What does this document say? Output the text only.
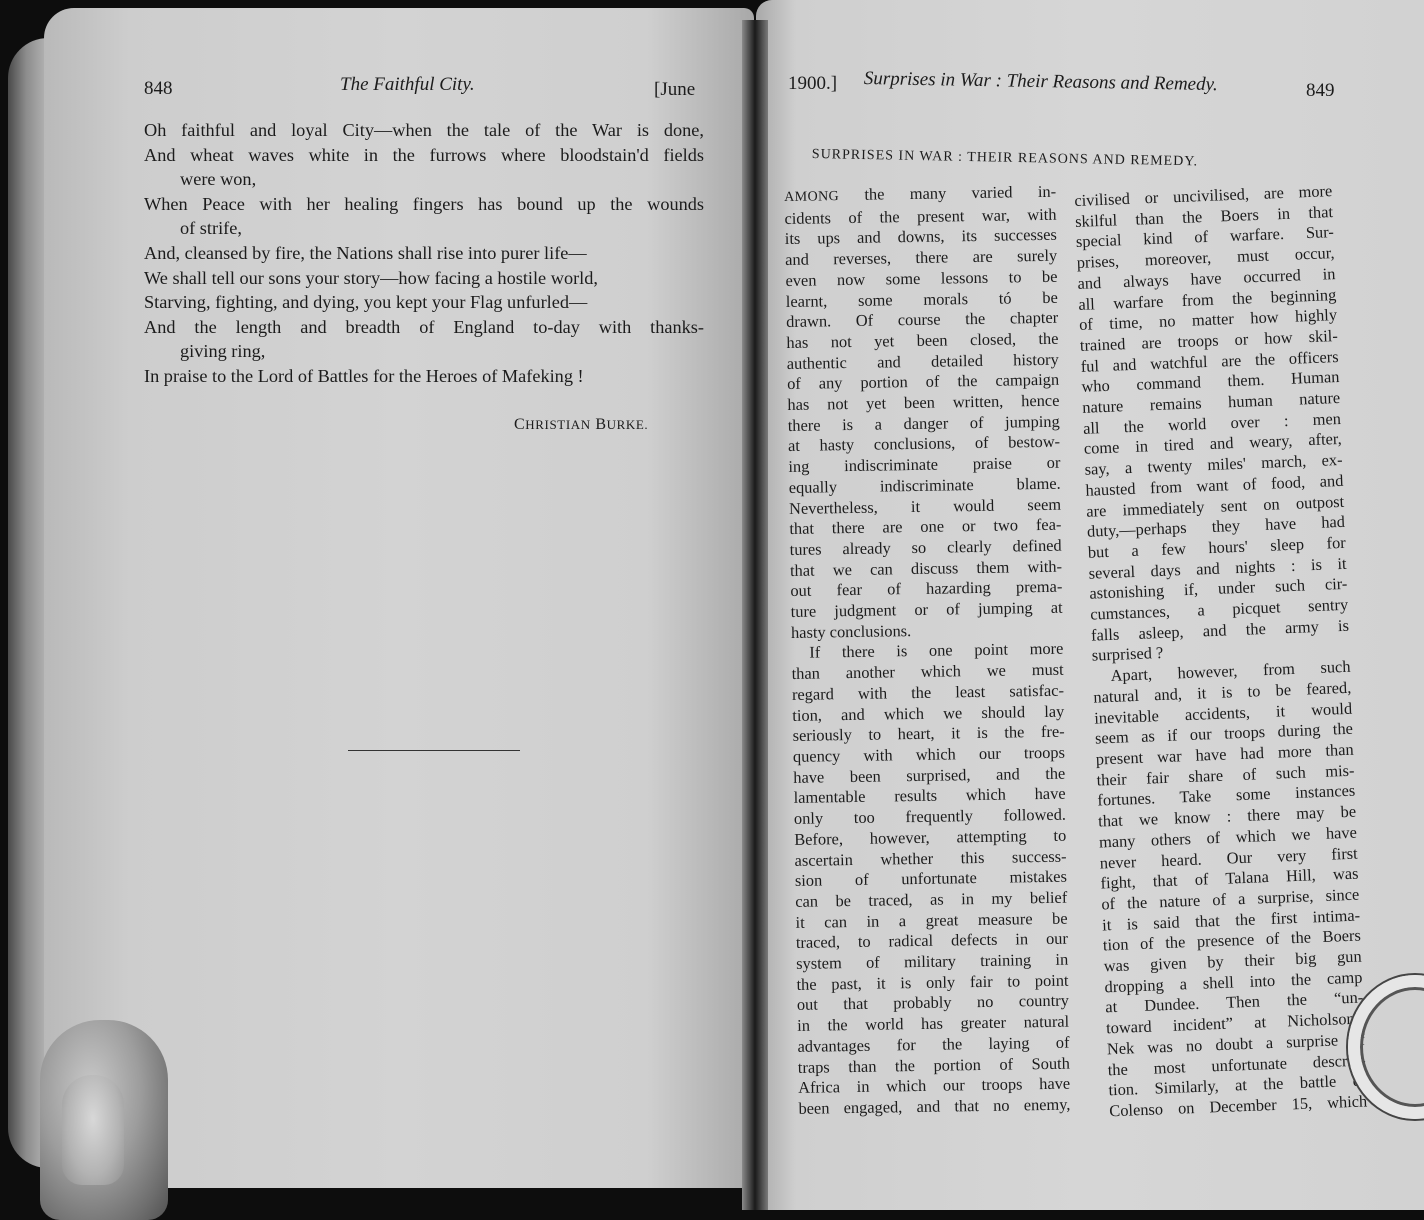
848	The Faithful City.	[June
Oh faithful and loyal City—when the tale of the War is done,
And wheat waves white in the furrows where bloodstain'd fields
were won,
When Peace with her healing fingers has bound up the wounds
of strife,
And, cleansed by fire, the Nations shall rise into purer life—
We shall tell our sons your story—how facing a hostile world,
Starving, fighting, and dying, you kept your Flag unfurled—
And the length and breadth of England to-day with thanks-
giving ring,
In praise to the Lord of Battles for the Heroes of Mafeking !
CHRISTIAN BURKE.
1900.] Surprises in War : Their Reasons and Remedy.	849
SURPRISES IN WAR : THEIR REASONS AND REMEDY.
AMONG the many varied in-
cidents of the present war, with
its ups and downs, its successes
and reverses, there are surely
even now some lessons to be
learnt, some morals tó be
drawn. Of course the chapter
has not yet been closed, the
authentic and detailed history
of any portion of the campaign
has not yet been written, hence
there is a danger of jumping
at hasty conclusions, of bestow-
ing indiscriminate praise or
equally indiscriminate blame.
Nevertheless, it would seem
that there are one or two fea-
tures already so clearly defined
that we can discuss them with-
out fear of hazarding prema-
ture judgment or of jumping at
hasty conclusions.
If there is one point more
than another which we must
regard with the least satisfac-
tion, and which we should lay
seriously to heart, it is the fre-
quency with which our troops
have been surprised, and the
lamentable results which have
only too frequently followed.
Before, however, attempting to
ascertain whether this success-
sion of unfortunate mistakes
can be traced, as in my belief
it can in a great measure be
traced, to radical defects in our
system of military training in
the past, it is only fair to point
out that probably no country
in the world has greater natural
advantages for the laying of
traps than the portion of South
Africa in which our troops have
been engaged, and that no enemy,
civilised or uncivilised, are more
skilful than the Boers in that
special kind of warfare. Sur-
prises, moreover, must occur,
and always have occurred in
all warfare from the beginning
of time, no matter how highly
trained are troops or how skil-
ful and watchful are the officers
who command them. Human
nature remains human nature
all the world over : men
come in tired and weary, after,
say, a twenty miles' march, ex-
hausted from want of food, and
are immediately sent on outpost
duty,—perhaps they have had
but a few hours' sleep for
several days and nights : is it
astonishing if, under such cir-
cumstances, a picquet sentry
falls asleep, and the army is
surprised ?
Apart, however, from such
natural and, it is to be feared,
inevitable accidents, it would
seem as if our troops during the
present war have had more than
their fair share of such mis-
fortunes. Take some instances
that we know : there may be
many others of which we have
never heard. Our very first
fight, that of Talana Hill, was
of the nature of a surprise, since
it is said that the first intima-
tion of the presence of the Boers
was given by their big gun
dropping a shell into the camp
at Dundee. Then the “un-
toward incident” at Nicholson's
Nek was no doubt a surprise of
the most unfortunate descrip-
tion. Similarly, at the battle of
Colenso on December 15, which
